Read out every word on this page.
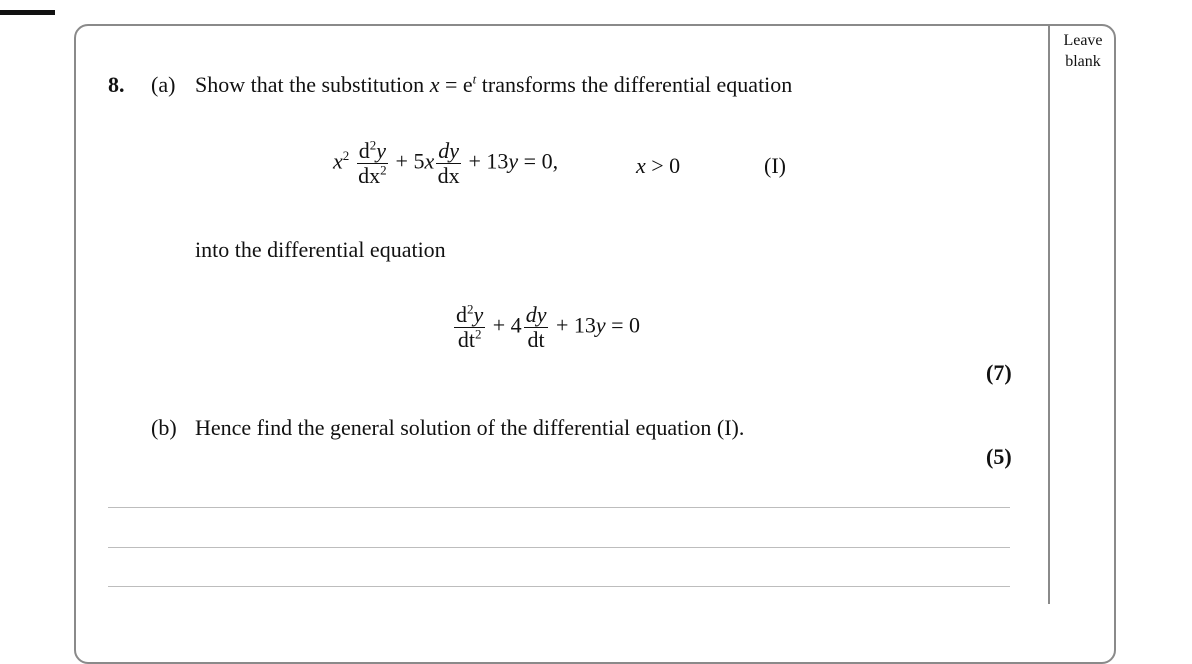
Leave blank
8. (a) Show that the substitution $x = e^t$ transforms the differential equation
$x^2 \frac{d^2y}{dx^2} + 5x \frac{dy}{dx} + 13y = 0$,	x > 0	(I)
into the differential equation
$\frac{d^2y}{dt^2} + 4 \frac{dy}{dt} + 13y = 0$
(7)
(b) Hence find the general solution of the differential equation (I).
(5)
